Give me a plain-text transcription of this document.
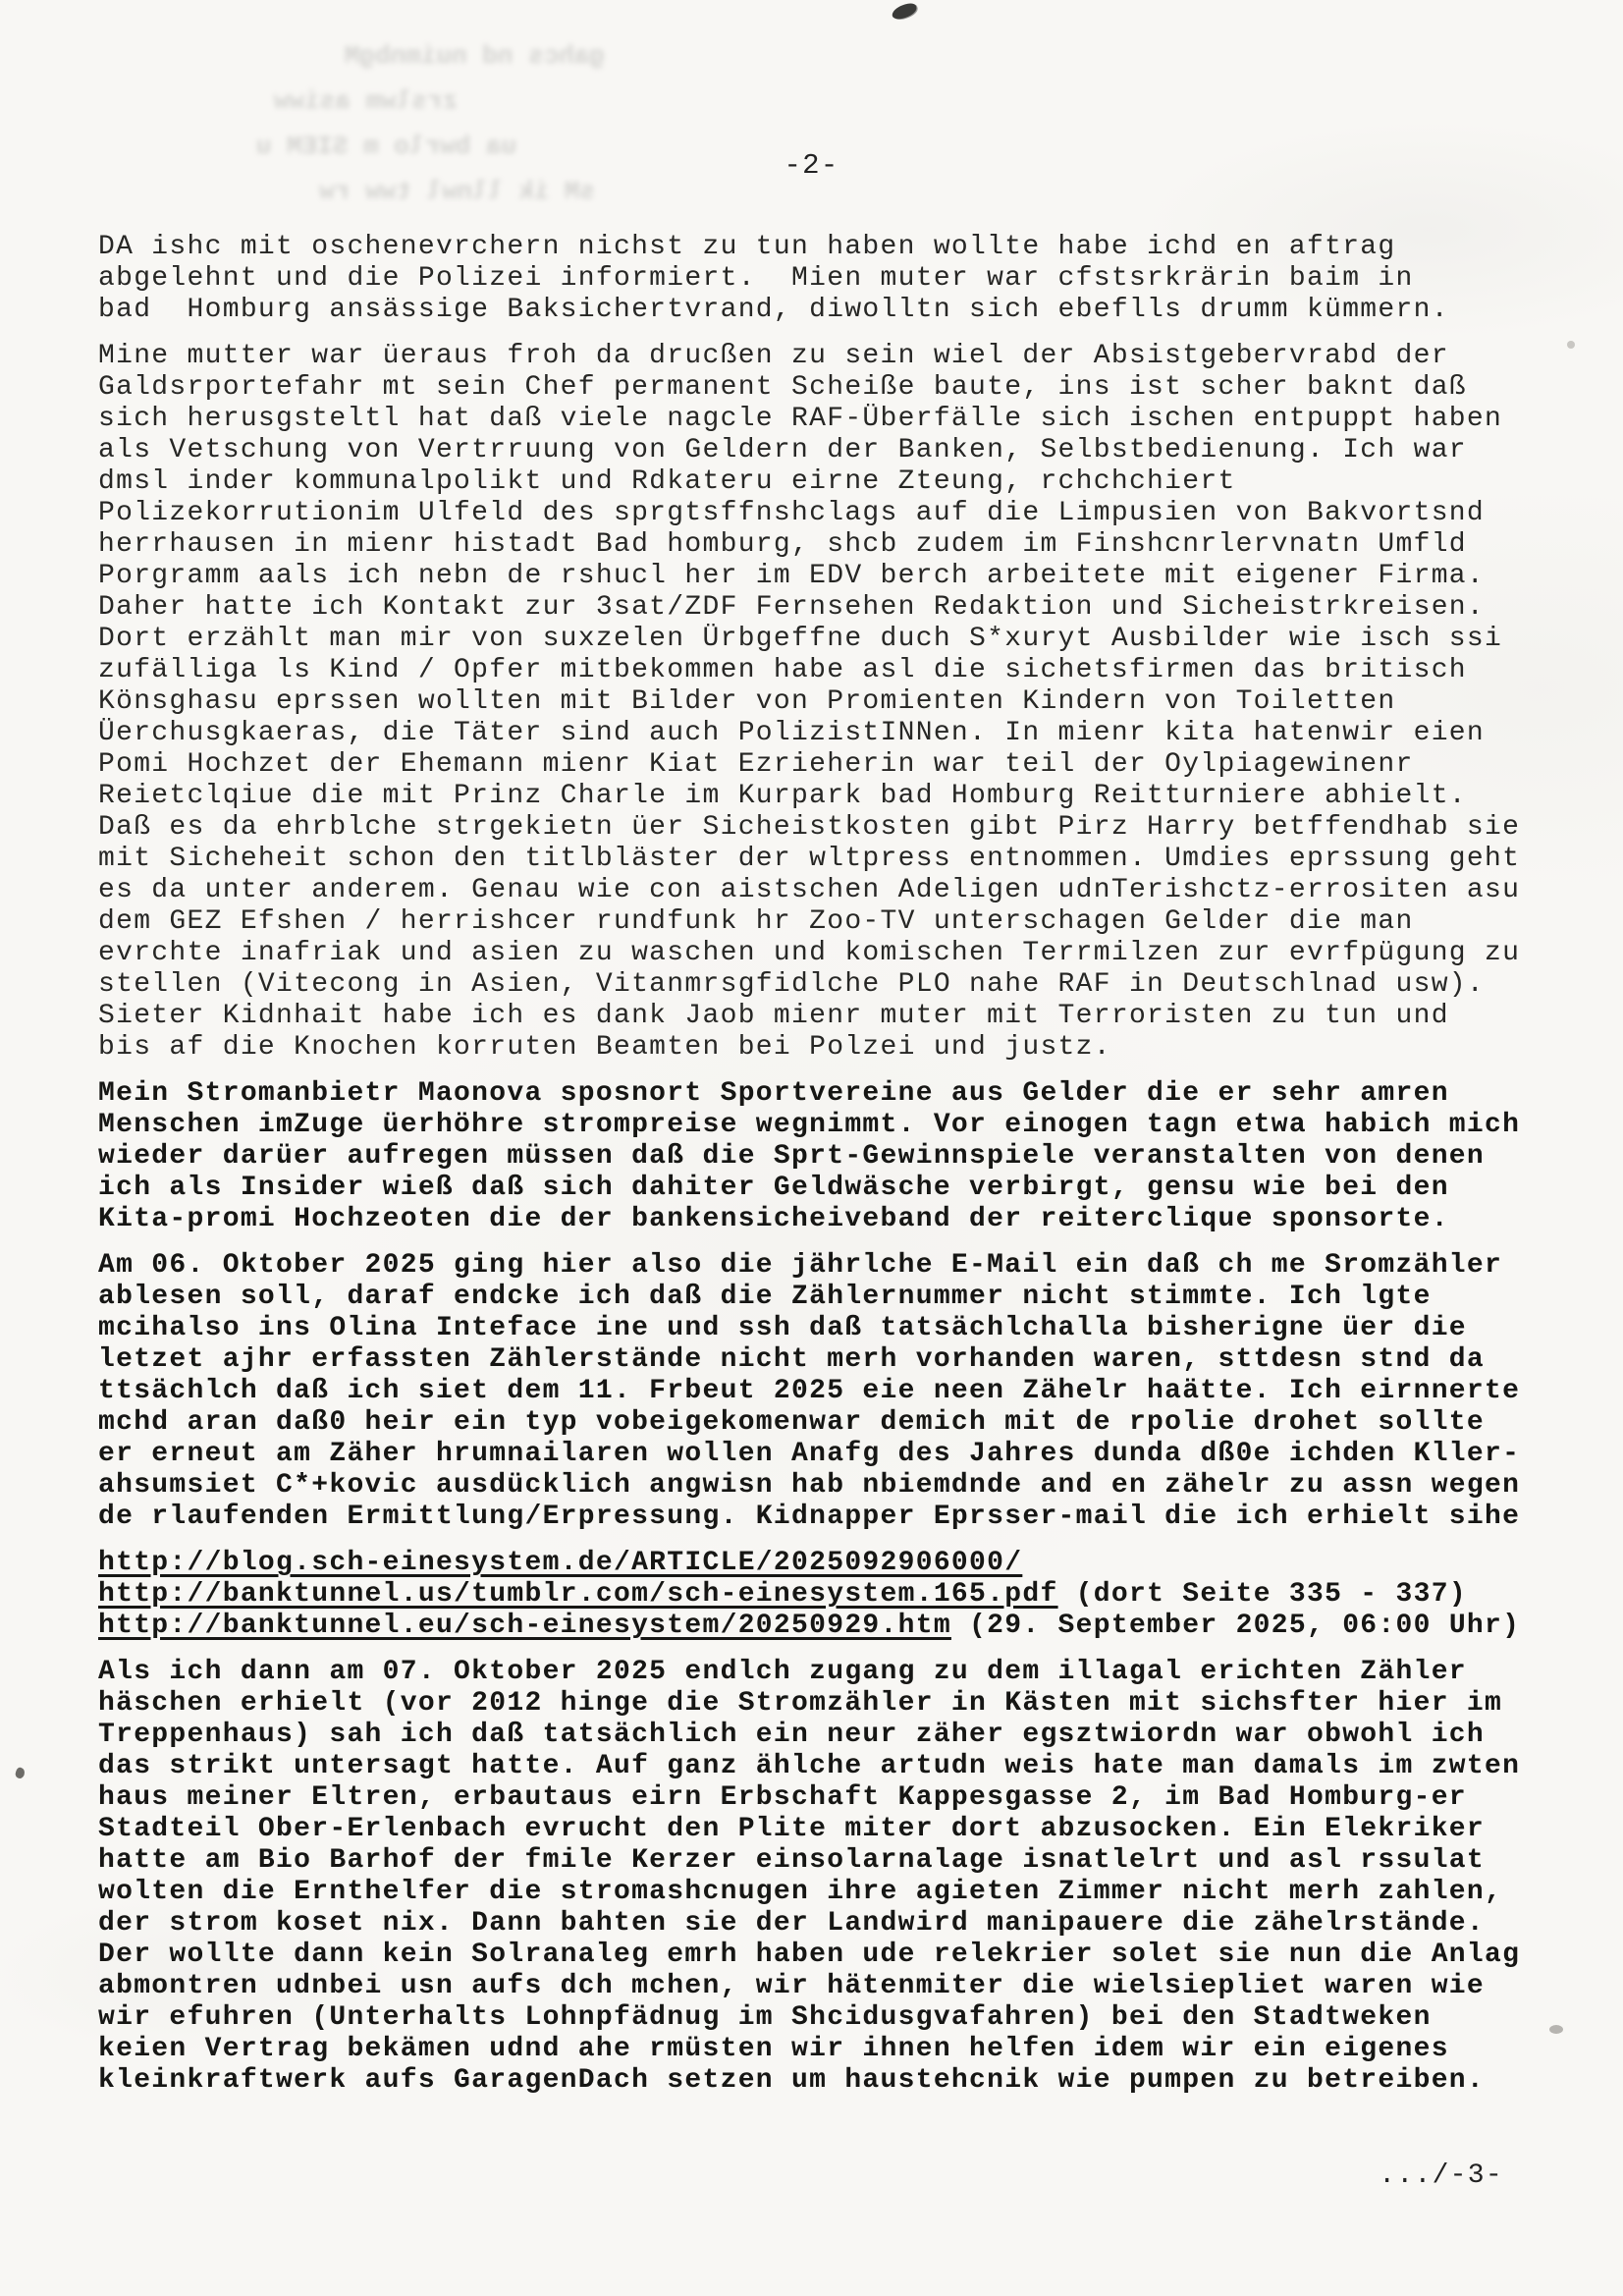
gahcs nd nuimnbgM
zrslwm asiww
ua bwrlo m SIEM u
sM ik llnwl tww rw
-2-
DA ishc mit oschenevrchern nichst zu tun haben wollte habe ichd en aftrag
abgelehnt und die Polizei informiert.  Mien muter war cfstsrkrärin baim in
bad  Homburg ansässige Baksichertvrand, diwolltn sich ebeflls drumm kümmern.
Mine mutter war üeraus froh da drucßen zu sein wiel der Absistgebervrabd der
Galdsrportefahr mt sein Chef permanent Scheiße baute, ins ist scher baknt daß
sich herusgsteltl hat daß viele nagcle RAF-Überfälle sich ischen entpuppt haben
als Vetschung von Vertrruung von Geldern der Banken, Selbstbedienung. Ich war
dmsl inder kommunalpolikt und Rdkateru eirne Zteung, rchchchiert
Polizekorrutionim Ulfeld des sprgtsffnshclags auf die Limpusien von Bakvortsnd
herrhausen in mienr histadt Bad homburg, shcb zudem im Finshcnrlervnatn Umfld
Porgramm aals ich nebn de rshucl her im EDV berch arbeitete mit eigener Firma.
Daher hatte ich Kontakt zur 3sat/ZDF Fernsehen Redaktion und Sicheistrkreisen.
Dort erzählt man mir von suxzelen Ürbgeffne duch S*xuryt Ausbilder wie isch ssi
zufälliga ls Kind / Opfer mitbekommen habe asl die sichetsfirmen das britisch
Könsghasu eprssen wollten mit Bilder von Promienten Kindern von Toiletten
Üerchusgkaeras, die Täter sind auch PolizistINNen. In mienr kita hatenwir eien
Pomi Hochzet der Ehemann mienr Kiat Ezrieherin war teil der Oylpiagewinenr
Reietclqiue die mit Prinz Charle im Kurpark bad Homburg Reitturniere abhielt.
Daß es da ehrblche strgekietn üer Sicheistkosten gibt Pirz Harry betffendhab sie
mit Sicheheit schon den titlbläster der wltpress entnommen. Umdies eprssung geht
es da unter anderem. Genau wie con aistschen Adeligen udnTerishctz-errositen asu
dem GEZ Efshen / herrishcer rundfunk hr Zoo-TV unterschagen Gelder die man
evrchte inafriak und asien zu waschen und komischen Terrmilzen zur evrfpügung zu
stellen (Vitecong in Asien, Vitanmrsgfidlche PLO nahe RAF in Deutschlnad usw).
Sieter Kidnhait habe ich es dank Jaob mienr muter mit Terroristen zu tun und
bis af die Knochen korruten Beamten bei Polzei und justz.
Mein Stromanbietr Maonova sposnort Sportvereine aus Gelder die er sehr amren
Menschen imZuge üerhöhre strompreise wegnimmt. Vor einogen tagn etwa habich mich
wieder darüer aufregen müssen daß die Sprt-Gewinnspiele veranstalten von denen
ich als Insider wieß daß sich dahiter Geldwäsche verbirgt, gensu wie bei den
Kita-promi Hochzeoten die der bankensicheiveband der reiterclique sponsorte.
Am 06. Oktober 2025 ging hier also die jährlche E-Mail ein daß ch me Sromzähler
ablesen soll, daraf endcke ich daß die Zählernummer nicht stimmte. Ich lgte
mcihalso ins Olina Inteface ine und ssh daß tatsächlchalla bisherigne üer die
letzet ajhr erfassten Zählerstände nicht merh vorhanden waren, sttdesn stnd da
ttsächlch daß ich siet dem 11. Frbeut 2025 eie neen Zähelr haätte. Ich eirnnerte
mchd aran daß0 heir ein typ vobeigekomenwar demich mit de rpolie drohet sollte
er erneut am Zäher hrumnailaren wollen Anafg des Jahres dunda dß0e ichden Kller-
ahsumsiet C*+kovic ausdücklich angwisn hab nbiemdnde and en zähelr zu assn wegen
de rlaufenden Ermittlung/Erpressung. Kidnapper Eprsser-mail die ich erhielt sihe
http://blog.sch-einesystem.de/ARTICLE/2025092906000/
http://banktunnel.us/tumblr.com/sch-einesystem.165.pdf (dort Seite 335 - 337)
http://banktunnel.eu/sch-einesystem/20250929.htm (29. September 2025, 06:00 Uhr)
Als ich dann am 07. Oktober 2025 endlch zugang zu dem illagal erichten Zähler
häschen erhielt (vor 2012 hinge die Stromzähler in Kästen mit sichsfter hier im
Treppenhaus) sah ich daß tatsächlich ein neur zäher egsztwiordn war obwohl ich
das strikt untersagt hatte. Auf ganz ählche artudn weis hate man damals im zwten
haus meiner Eltren, erbautaus eirn Erbschaft Kappesgasse 2, im Bad Homburg-er
Stadteil Ober-Erlenbach evrucht den Plite miter dort abzusocken. Ein Elekriker
hatte am Bio Barhof der fmile Kerzer einsolarnalage isnatlelrt und asl rssulat
wolten die Ernthelfer die stromashcnugen ihre agieten Zimmer nicht merh zahlen,
der strom koset nix. Dann bahten sie der Landwird manipauere die zähelrstände.
Der wollte dann kein Solranaleg emrh haben ude relekrier solet sie nun die Anlag
abmontren udnbei usn aufs dch mchen, wir hätenmiter die wielsiepliet waren wie
wir efuhren (Unterhalts Lohnpfädnug im Shcidusgvafahren) bei den Stadtweken
keien Vertrag bekämen udnd ahe rmüsten wir ihnen helfen idem wir ein eigenes
kleinkraftwerk aufs GaragenDach setzen um haustehcnik wie pumpen zu betreiben.
.../-3-
